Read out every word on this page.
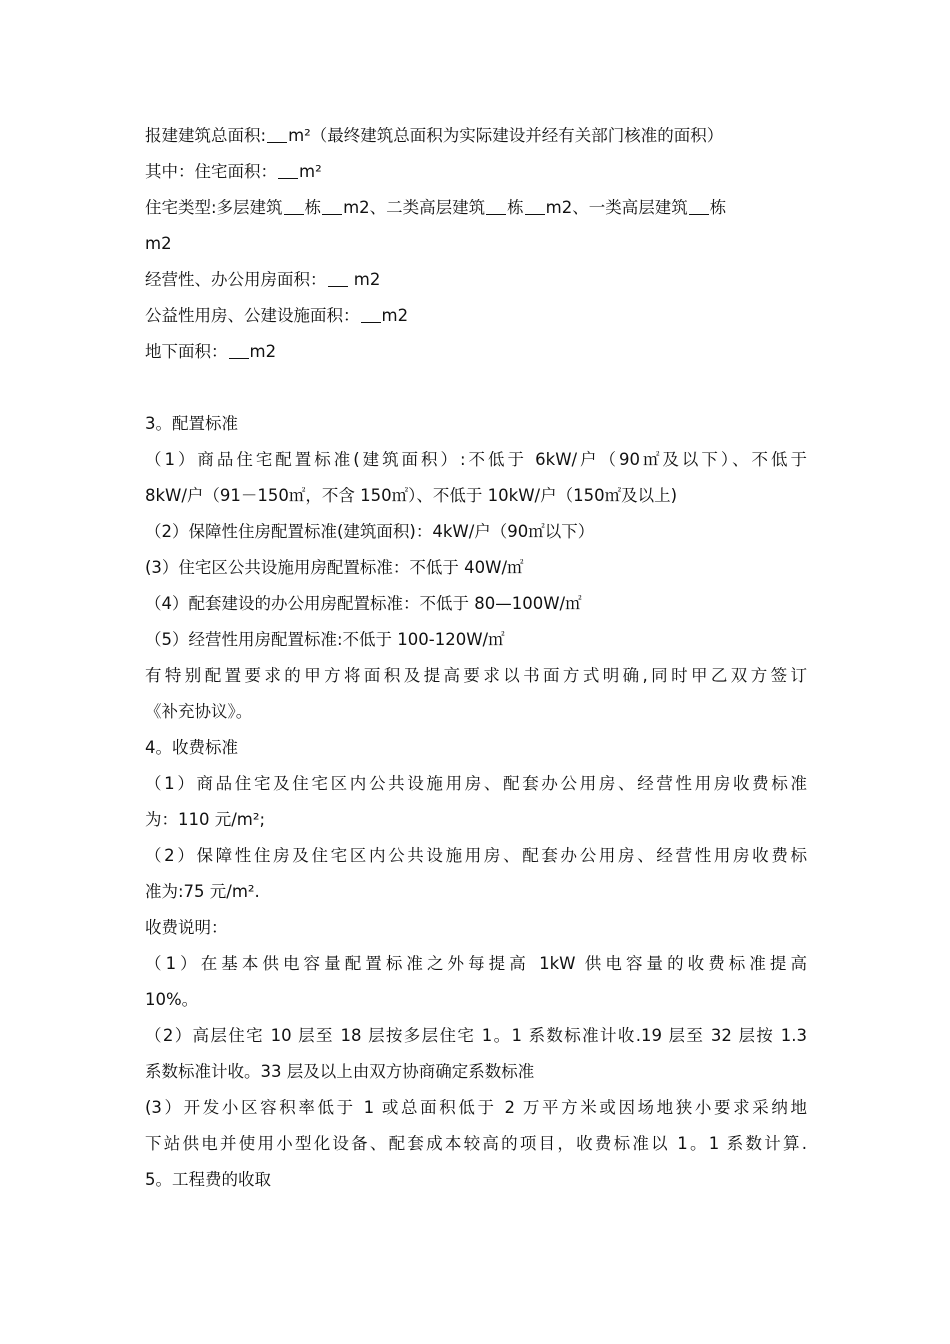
报建建筑总面积: m²（最终建筑总面积为实际建设并经有关部门核准的面积）
其中：住宅面积： m²
住宅类型:多层建筑 栋 m2、二类高层建筑 栋 m2、一类高层建筑 栋
m2
经营性、办公用房面积： m2
公益性用房、公建设施面积： m2
地下面积： m2
3。配置标准
（1）商品住宅配置标准(建筑面积）:不低于 6kW/户（90㎡及以下）、不低于
8kW/户（91－150㎡，不含 150㎡）、不低于 10kW/户（150㎡及以上)
（2）保障性住房配置标准(建筑面积)：4kW/户（90㎡以下）
(3）住宅区公共设施用房配置标准：不低于 40W/㎡
（4）配套建设的办公用房配置标准：不低于 80—100W/㎡
（5）经营性用房配置标准:不低于 100-120W/㎡
有特别配置要求的甲方将面积及提高要求以书面方式明确,同时甲乙双方签订
《补充协议》。
4。收费标准
（1）商品住宅及住宅区内公共设施用房、配套办公用房、经营性用房收费标准
为：110 元/m²;
（2）保障性住房及住宅区内公共设施用房、配套办公用房、经营性用房收费标
准为:75 元/m².
收费说明：
（1）在基本供电容量配置标准之外每提高 1kW 供电容量的收费标准提高
10%。
（2）高层住宅 10 层至 18 层按多层住宅 1。1 系数标准计收.19 层至 32 层按 1.3
系数标准计收。33 层及以上由双方协商确定系数标准
(3）开发小区容积率低于 1 或总面积低于 2 万平方米或因场地狭小要求采纳地
下站供电并使用小型化设备、配套成本较高的项目，收费标准以 1。1 系数计算.
5。工程费的收取
